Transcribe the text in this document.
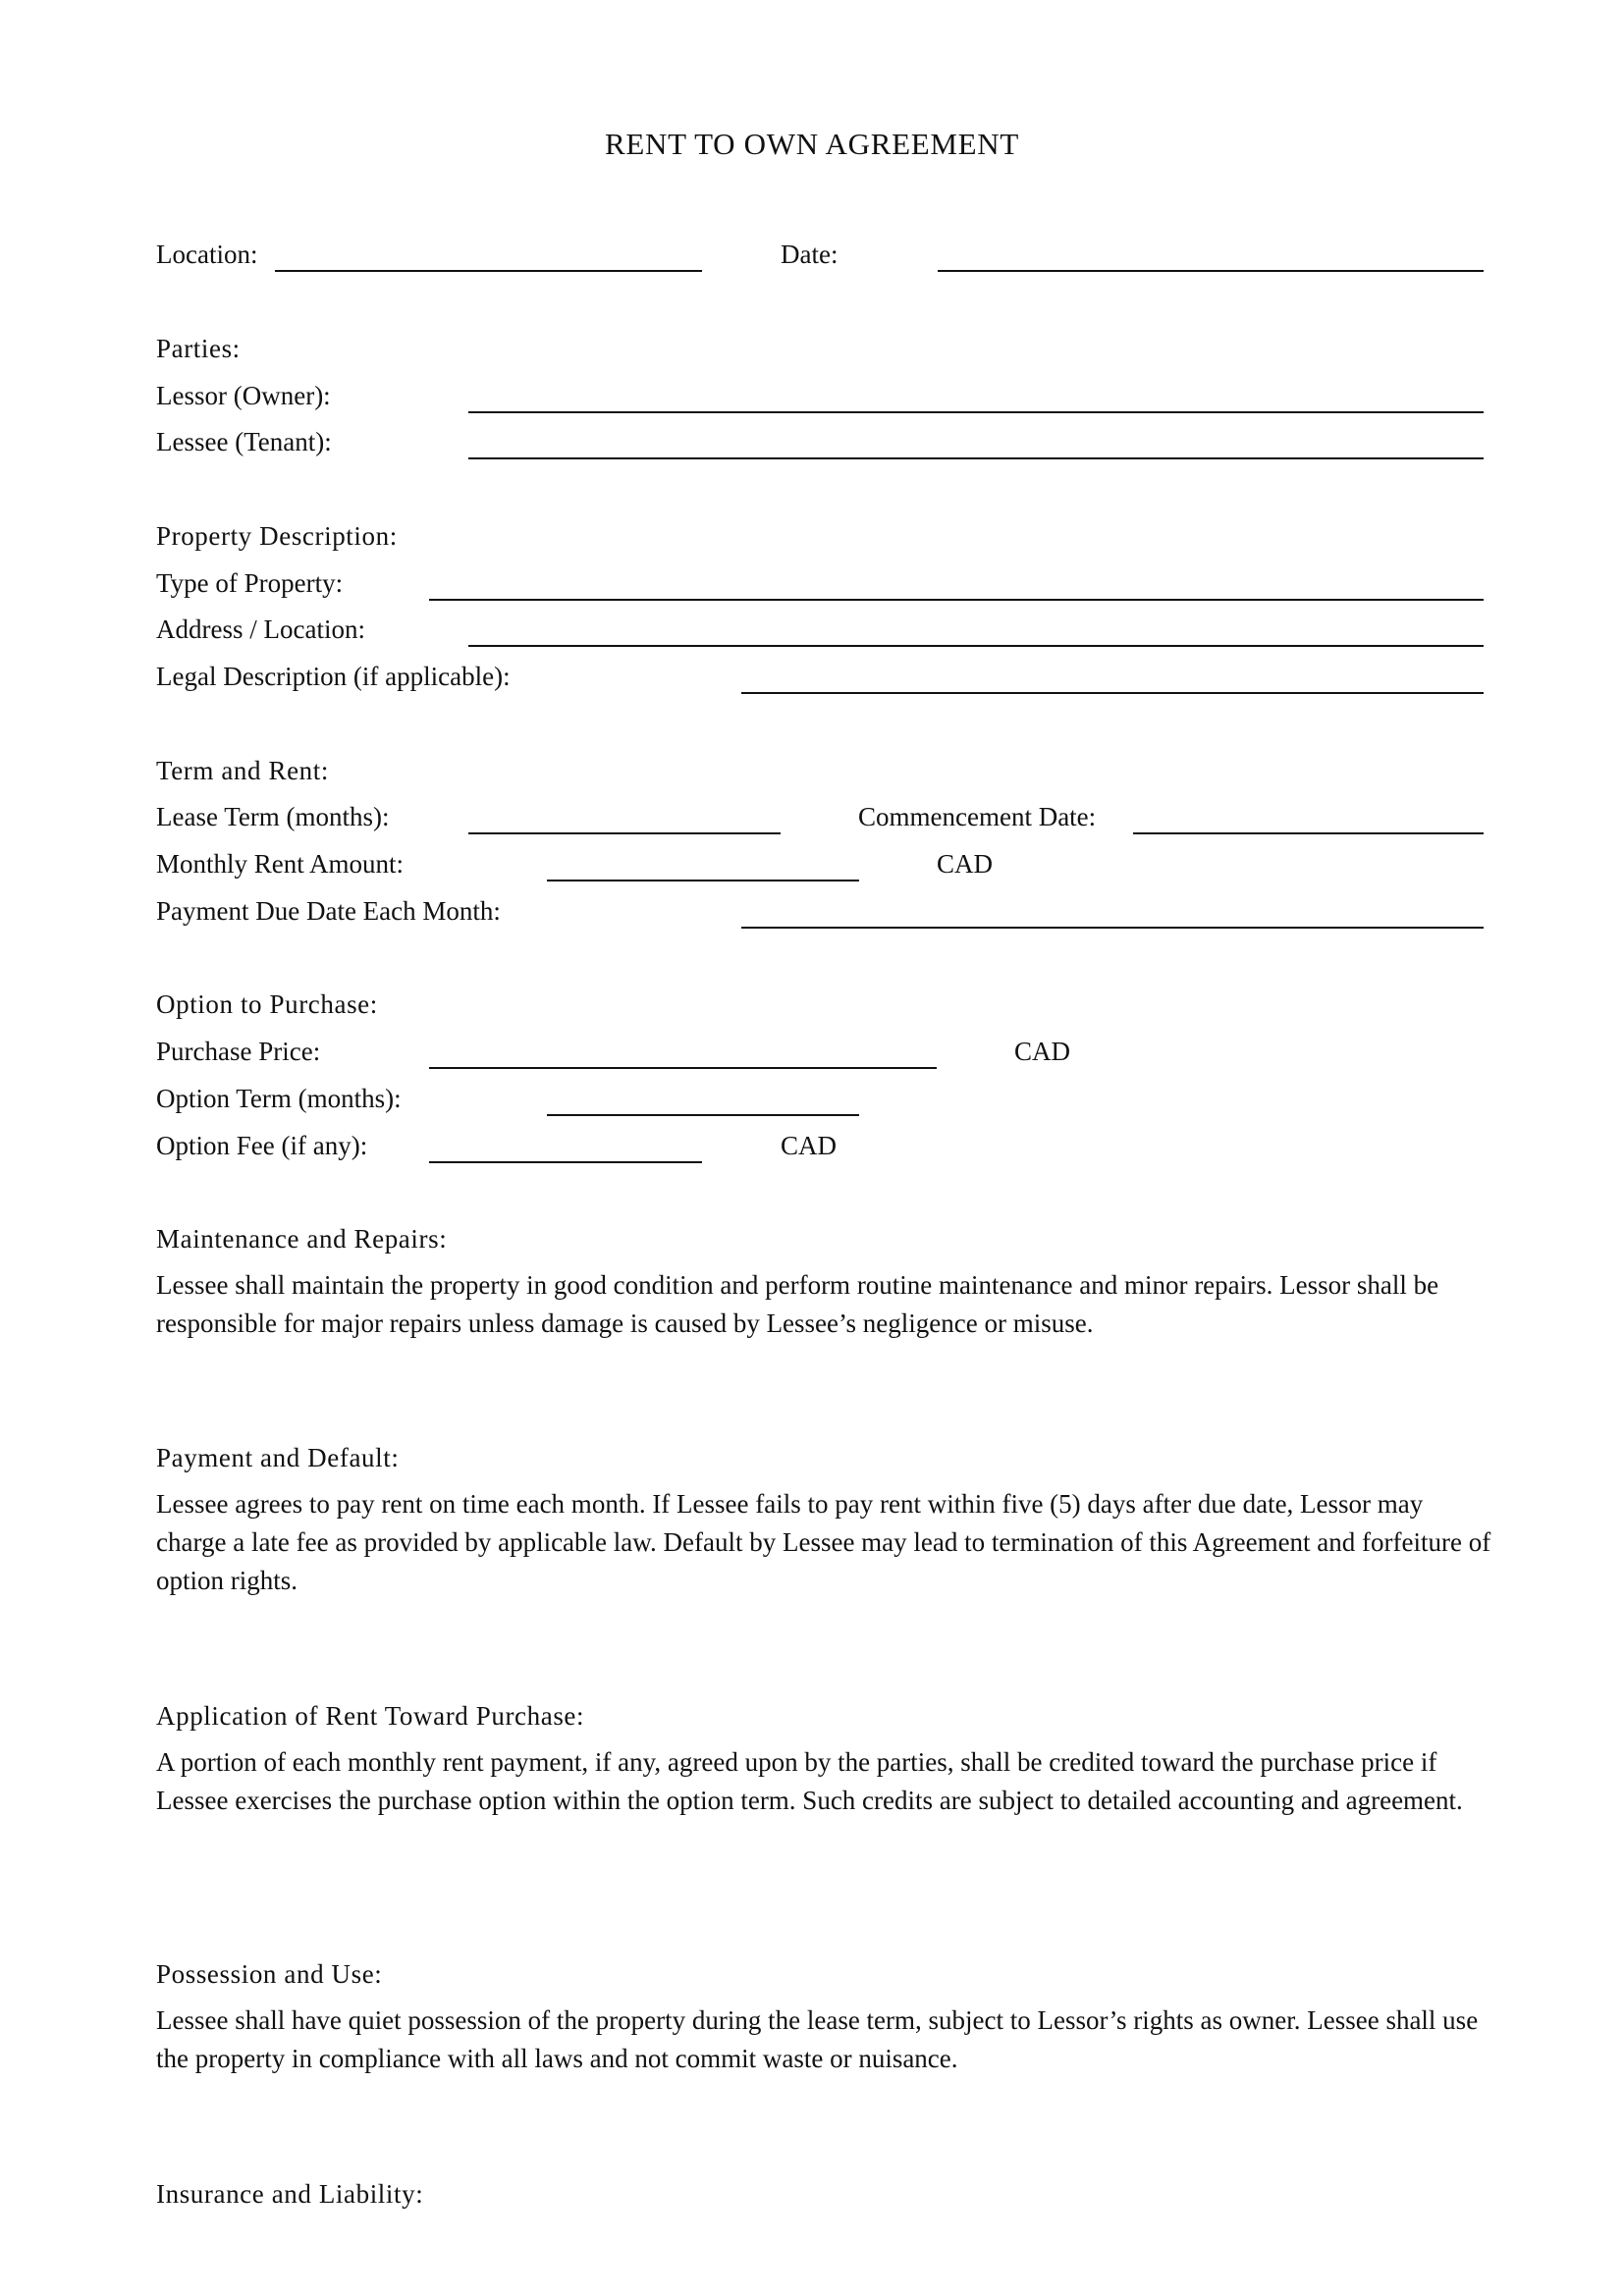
RENT TO OWN AGREEMENT
Location:	Date:
Parties:
Lessor (Owner):
Lessee (Tenant):
Property Description:
Type of Property:
Address / Location:
Legal Description (if applicable):
Term and Rent:
Lease Term (months):	Commencement Date:
Monthly Rent Amount:	CAD
Payment Due Date Each Month:
Option to Purchase:
Purchase Price:	CAD
Option Term (months):
Option Fee (if any):	CAD
Maintenance and Repairs:
Lessee shall maintain the property in good condition and perform routine maintenance and minor repairs. Lessor shall be responsible for major repairs unless damage is caused by Lessee’s negligence or misuse.
Payment and Default:
Lessee agrees to pay rent on time each month. If Lessee fails to pay rent within five (5) days after due date, Lessor may charge a late fee as provided by applicable law. Default by Lessee may lead to termination of this Agreement and forfeiture of option rights.
Application of Rent Toward Purchase:
A portion of each monthly rent payment, if any, agreed upon by the parties, shall be credited toward the purchase price if Lessee exercises the purchase option within the option term. Such credits are subject to detailed accounting and agreement.
Possession and Use:
Lessee shall have quiet possession of the property during the lease term, subject to Lessor’s rights as owner. Lessee shall use the property in compliance with all laws and not commit waste or nuisance.
Insurance and Liability:
